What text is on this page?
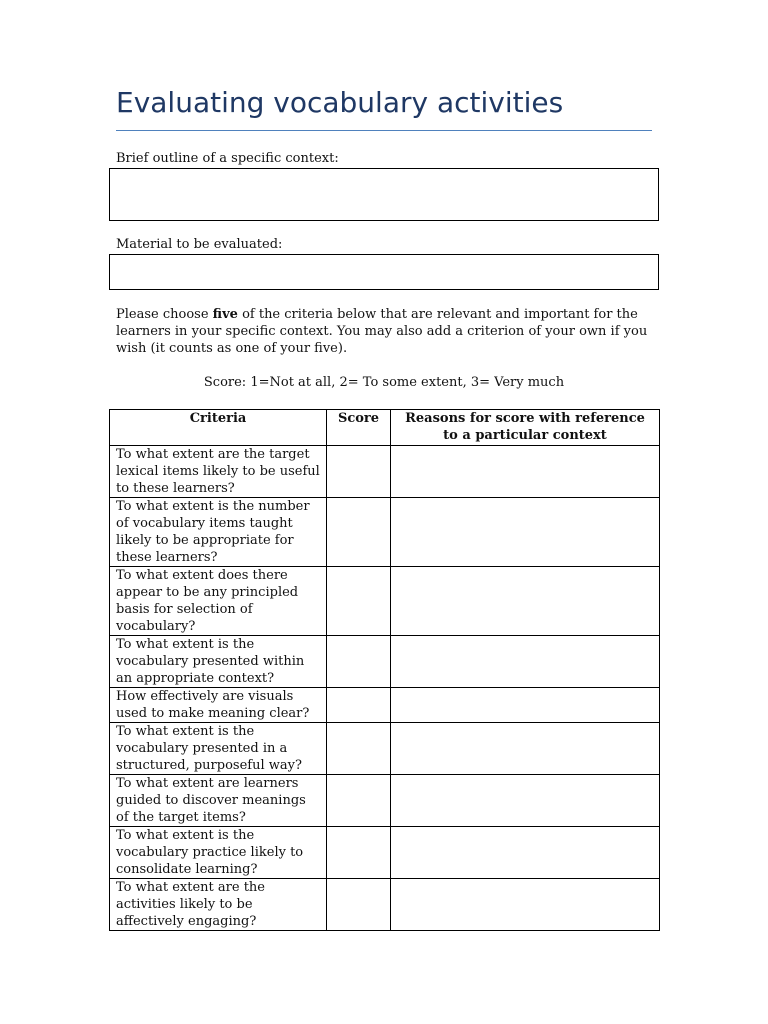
Evaluating vocabulary activities
Brief outline of a specific context:
Material to be evaluated:
Please choose five of the criteria below that are relevant and important for the learners in your specific context. You may also add a criterion of your own if you wish (it counts as one of your five).
Score: 1=Not at all, 2= To some extent, 3= Very much
Criteria	Score	Reasons for score with reference to a particular context
To what extent are the target lexical items likely to be useful to these learners?		
To what extent is the number of vocabulary items taught likely to be appropriate for these learners?		
To what extent does there appear to be any principled basis for selection of vocabulary?		
To what extent is the vocabulary presented within an appropriate context?		
How effectively are visuals used to make meaning clear?		
To what extent is the vocabulary presented in a structured, purposeful way?		
To what extent are learners guided to discover meanings of the target items?		
To what extent is the vocabulary practice likely to consolidate learning?		
To what extent are the activities likely to be affectively engaging?		
